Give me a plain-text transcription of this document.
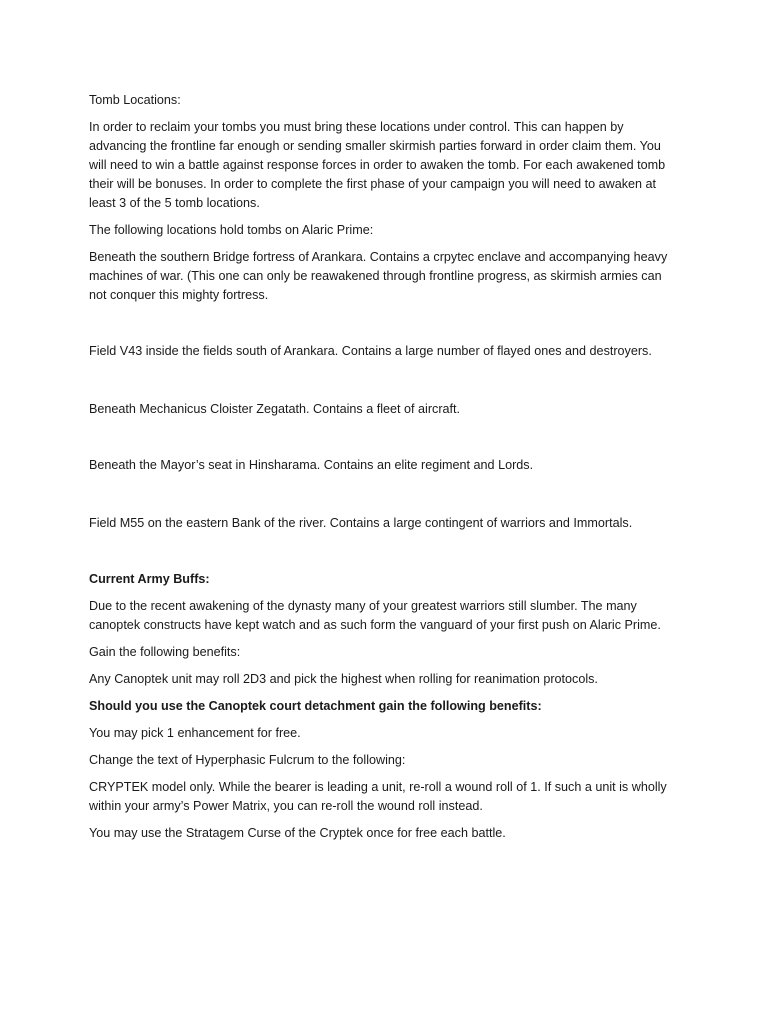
Tomb Locations:

In order to reclaim your tombs you must bring these locations under control. This can happen by advancing the frontline far enough or sending smaller skirmish parties forward in order claim them. You will need to win a battle against response forces in order to awaken the tomb. For each awakened tomb their will be bonuses. In order to complete the first phase of your campaign you will need to awaken at least 3 of the 5 tomb locations.

The following locations hold tombs on Alaric Prime:

Beneath the southern Bridge fortress of Arankara. Contains a crpytec enclave and accompanying heavy machines of war. (This one can only be reawakened through frontline progress, as skirmish armies can not conquer this mighty fortress.

Field V43 inside the fields south of Arankara. Contains a large number of flayed ones and destroyers.

Beneath Mechanicus Cloister Zegatath. Contains a fleet of aircraft.

Beneath the Mayor’s seat in Hinsharama. Contains an elite regiment and Lords.

Field M55 on the eastern Bank of the river. Contains a large contingent of warriors and Immortals.

Current Army Buffs:

Due to the recent awakening of the dynasty many of your greatest warriors still slumber. The many canoptek constructs have kept watch and as such form the vanguard of your first push on Alaric Prime.

Gain the following benefits:

Any Canoptek unit may roll 2D3 and pick the highest when rolling for reanimation protocols.

Should you use the Canoptek court detachment gain the following benefits:

You may pick 1 enhancement for free.

Change the text of Hyperphasic Fulcrum to the following:

CRYPTEK model only. While the bearer is leading a unit, re-roll a wound roll of 1. If such a unit is wholly within your army’s Power Matrix, you can re-roll the wound roll instead.

You may use the Stratagem Curse of the Cryptek once for free each battle.
